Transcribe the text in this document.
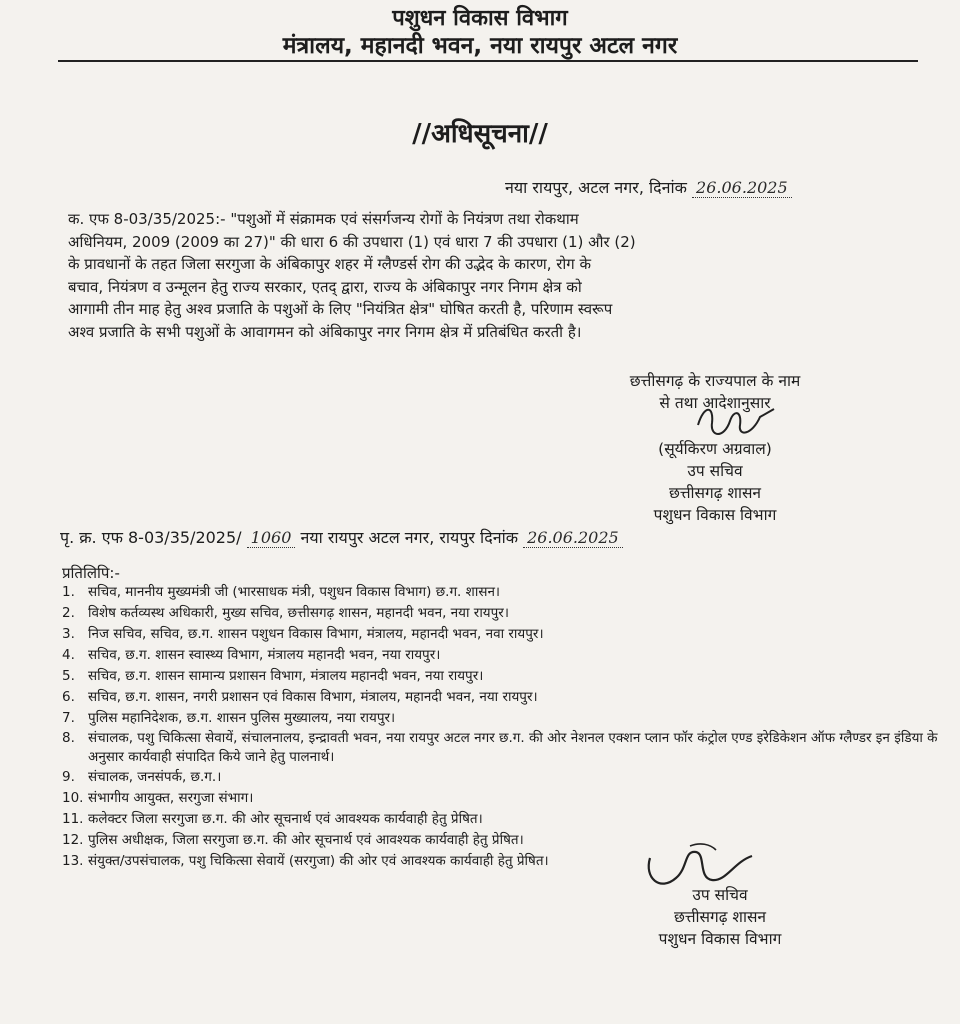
पशुधन विकास विभाग
मंत्रालय, महानदी भवन, नया रायपुर अटल नगर
//अधिसूचना//
नया रायपुर, अटल नगर, दिनांक 26.06.2025
क. एफ 8-03/35/2025:- "पशुओं में संक्रामक एवं संसर्गजन्य रोगों के नियंत्रण तथा रोकथाम
अधिनियम, 2009 (2009 का 27)" की धारा 6 की उपधारा (1) एवं धारा 7 की उपधारा (1) और (2)
के प्रावधानों के तहत जिला सरगुजा के अंबिकापुर शहर में ग्लैण्डर्स रोग की उद्भेद के कारण, रोग के
बचाव, नियंत्रण व उन्मूलन हेतु राज्य सरकार, एतद् द्वारा, राज्य के अंबिकापुर नगर निगम क्षेत्र को
आगामी तीन माह हेतु अश्व प्रजाति के पशुओं के लिए "नियंत्रित क्षेत्र" घोषित करती है, परिणाम स्वरूप
अश्व प्रजाति के सभी पशुओं के आवागमन को अंबिकापुर नगर निगम क्षेत्र में प्रतिबंधित करती है।
छत्तीसगढ़ के राज्यपाल के नाम
से तथा आदेशानुसार
(सूर्यकिरण अग्रवाल)
उप सचिव
छत्तीसगढ़ शासन
पशुधन विकास विभाग
पृ. क्र. एफ 8-03/35/2025/ 1060 नया रायपुर अटल नगर, रायपुर दिनांक 26.06.2025
प्रतिलिपि:-
1. सचिव, माननीय मुख्यमंत्री जी (भारसाधक मंत्री, पशुधन विकास विभाग) छ.ग. शासन।
2. विशेष कर्तव्यस्थ अधिकारी, मुख्य सचिव, छत्तीसगढ़ शासन, महानदी भवन, नया रायपुर।
3. निज सचिव, सचिव, छ.ग. शासन पशुधन विकास विभाग, मंत्रालय, महानदी भवन, नवा रायपुर।
4. सचिव, छ.ग. शासन स्वास्थ्य विभाग, मंत्रालय महानदी भवन, नया रायपुर।
5. सचिव, छ.ग. शासन सामान्य प्रशासन विभाग, मंत्रालय महानदी भवन, नया रायपुर।
6. सचिव, छ.ग. शासन, नगरी प्रशासन एवं विकास विभाग, मंत्रालय, महानदी भवन, नया रायपुर।
7. पुलिस महानिदेशक, छ.ग. शासन पुलिस मुख्यालय, नया रायपुर।
8. संचालक, पशु चिकित्सा सेवायें, संचालनालय, इन्द्रावती भवन, नया रायपुर अटल नगर छ.ग. की ओर नेशनल एक्शन प्लान फॉर कंट्रोल एण्ड इरेडिकेशन ऑफ ग्लैण्डर इन इंडिया के अनुसार कार्यवाही संपादित किये जाने हेतु पालनार्थ।
9. संचालक, जनसंपर्क, छ.ग.।
10. संभागीय आयुक्त, सरगुजा संभाग।
11. कलेक्टर जिला सरगुजा छ.ग. की ओर सूचनार्थ एवं आवश्यक कार्यवाही हेतु प्रेषित।
12. पुलिस अधीक्षक, जिला सरगुजा छ.ग. की ओर सूचनार्थ एवं आवश्यक कार्यवाही हेतु प्रेषित।
13. संयुक्त/उपसंचालक, पशु चिकित्सा सेवायें (सरगुजा) की ओर एवं आवश्यक कार्यवाही हेतु प्रेषित।
उप सचिव
छत्तीसगढ़ शासन
पशुधन विकास विभाग
